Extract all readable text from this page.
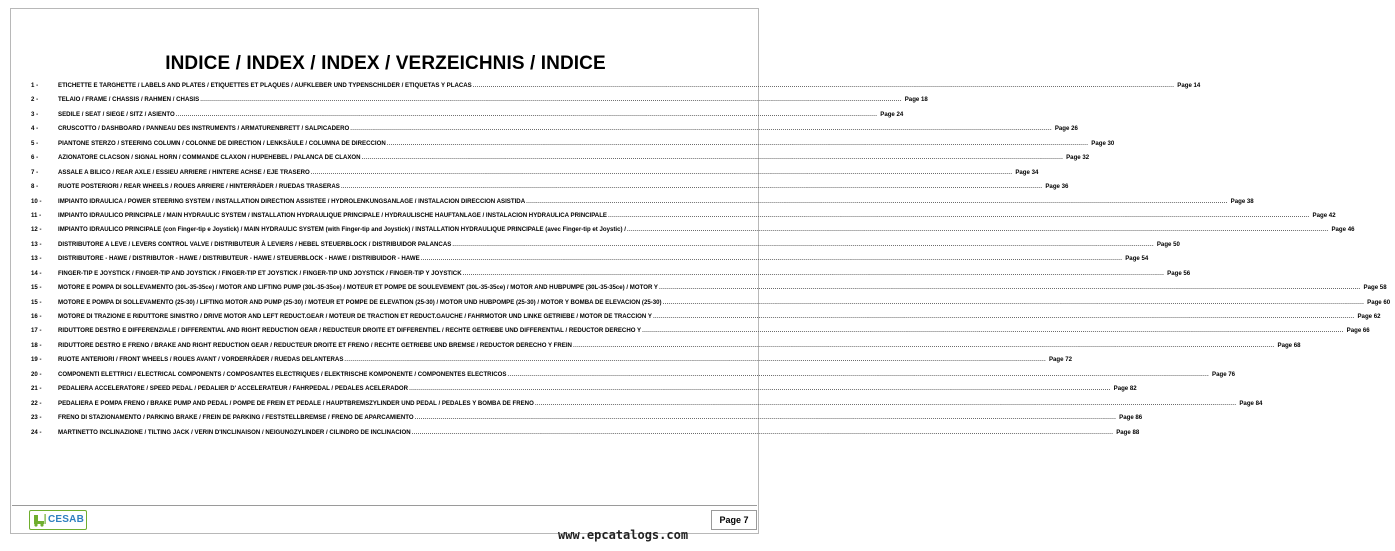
INDICE / INDEX / INDEX / VERZEICHNIS / INDICE
1 -	ETICHETTE E TARGHETTE / LABELS AND PLATES / ETIQUETTES ET PLAQUES / AUFKLEBER UND TYPENSCHILDER / ETIQUETAS Y PLACAS .....	Page 14
2 -	TELAIO / FRAME / CHASSIS / RAHMEN / CHASIS .....	Page 18
3 -	SEDILE / SEAT / SIEGE / SITZ / ASIENTO .....	Page 24
4 -	CRUSCOTTO / DASHBOARD / PANNEAU DES INSTRUMENTS / ARMATURENBRETT / SALPICADERO .....	Page 26
5 -	PIANTONE STERZO / STEERING COLUMN / COLONNE DE DIRECTION / LENKSÄULE / COLUMNA DE DIRECCION .....	Page 30
6 -	AZIONATORE CLACSON / SIGNAL HORN / COMMANDE CLAXON / HUPEHEBEL / PALANCA DE CLAXON .....	Page 32
7 -	ASSALE A BILICO / REAR AXLE / ESSIEU ARRIERE / HINTERE ACHSE / EJE TRASERO .....	Page 34
8 -	RUOTE POSTERIORI / REAR WHEELS / ROUES ARRIERE / HINTERRÄDER / RUEDAS TRASERAS .....	Page 36
10 -	IMPIANTO IDRAULICA / POWER STEERING SYSTEM / INSTALLATION DIRECTION ASSISTEE / HYDROLENKUNGSANLAGE / INSTALACION DIRECCION ASISTIDA .....	Page 38
11 -	IMPIANTO IDRAULICO PRINCIPALE / MAIN HYDRAULIC SYSTEM / INSTALLATION HYDRAULIQUE PRINCIPALE / HYDRAULISCHE HAUFTANLAGE / INSTALACION HYDRAULICA PRINCIPALE .....	Page 42
12 -	IMPIANTO IDRAULICO PRINCIPALE (con Finger-tip e Joystick) / MAIN HYDRAULIC SYSTEM (with Finger-tip and Joystick) / INSTALLATION HYDRAULIQUE PRINCIPALE (avec Finger-tip et Joystic) / .....	Page 46
13 -	DISTRIBUTORE A LEVE / LEVERS CONTROL VALVE / DISTRIBUTEUR À LEVIERS / HEBEL STEUERBLOCK / DISTRIBUIDOR PALANCAS .....	Page 50
13 -	DISTRIBUTORE - HAWE / DISTRIBUTOR - HAWE / DISTRIBUTEUR - HAWE / STEUERBLOCK - HAWE / DISTRIBUIDOR - HAWE .....	Page 54
14 -	FINGER-TIP E JOYSTICK / FINGER-TIP AND JOYSTICK / FINGER-TIP ET JOYSTICK / FINGER-TIP UND JOYSTICK / FINGER-TIP Y JOYSTICK .....	Page 56
15 -	MOTORE E POMPA DI SOLLEVAMENTO (30L-35-35ce) / MOTOR AND LIFTING PUMP (30L-35-35ce) / MOTEUR ET POMPE DE SOULEVEMENT (30L-35-35ce) / MOTOR AND HUBPUMPE (30L-35-35ce) / MOTOR Y .....	Page 58
15 -	MOTORE E POMPA DI SOLLEVAMENTO (25-30) / LIFTING MOTOR AND PUMP (25-30) / MOTEUR ET POMPE DE ELEVATION (25-30) / MOTOR UND HUBPOMPE (25-30) / MOTOR Y BOMBA DE ELEVACION (25-30) .....	Page 60
16 -	MOTORE DI TRAZIONE E RIDUTTORE SINISTRO / DRIVE MOTOR AND LEFT REDUCT.GEAR / MOTEUR DE TRACTION ET REDUCT.GAUCHE / FAHRMOTOR UND LINKE GETRIEBE / MOTOR DE TRACCION Y .....	Page 62
17 -	RIDUTTORE DESTRO E DIFFERENZIALE / DIFFERENTIAL AND RIGHT REDUCTION GEAR / REDUCTEUR DROITE ET DIFFERENTIEL / RECHTE GETRIEBE UND DIFFERENTIAL / REDUCTOR DERECHO Y .....	Page 66
18 -	RIDUTTORE DESTRO E FRENO / BRAKE AND RIGHT REDUCTION GEAR / REDUCTEUR DROITE ET FRENO / RECHTE GETRIEBE UND BREMSE / REDUCTOR DERECHO Y FREIN .....	Page 68
19 -	RUOTE ANTERIORI / FRONT WHEELS / ROUES AVANT / VORDERRÄDER / RUEDAS DELANTERAS .....	Page 72
20 -	COMPONENTI ELETTRICI / ELECTRICAL COMPONENTS / COMPOSANTES ELECTRIQUES / ELEKTRISCHE KOMPONENTE / COMPONENTES ELECTRICOS .....	Page 76
21 -	PEDALIERA ACCELERATORE / SPEED PEDAL / PEDALIER D' ACCELERATEUR / FAHRPEDAL / PEDALES ACELERADOR .....	Page 82
22 -	PEDALIERA E POMPA FRENO / BRAKE PUMP AND PEDAL / POMPE DE FREIN ET PEDALE / HAUPTBREMSZYLINDER UND PEDAL / PEDALES Y BOMBA DE FRENO .....	Page 84
23 -	FRENO DI STAZIONAMENTO / PARKING BRAKE / FREIN DE PARKING / FESTSTELLBREMSE / FRENO DE APARCAMIENTO .....	Page 86
24 -	MARTINETTO INCLINAZIONE / TILTING JACK / VERIN D'INCLINAISON / NEIGUNGZYLINDER / CILINDRO DE INCLINACION .....	Page 88
CESAB	Page 7
www.epcatalogs.com
